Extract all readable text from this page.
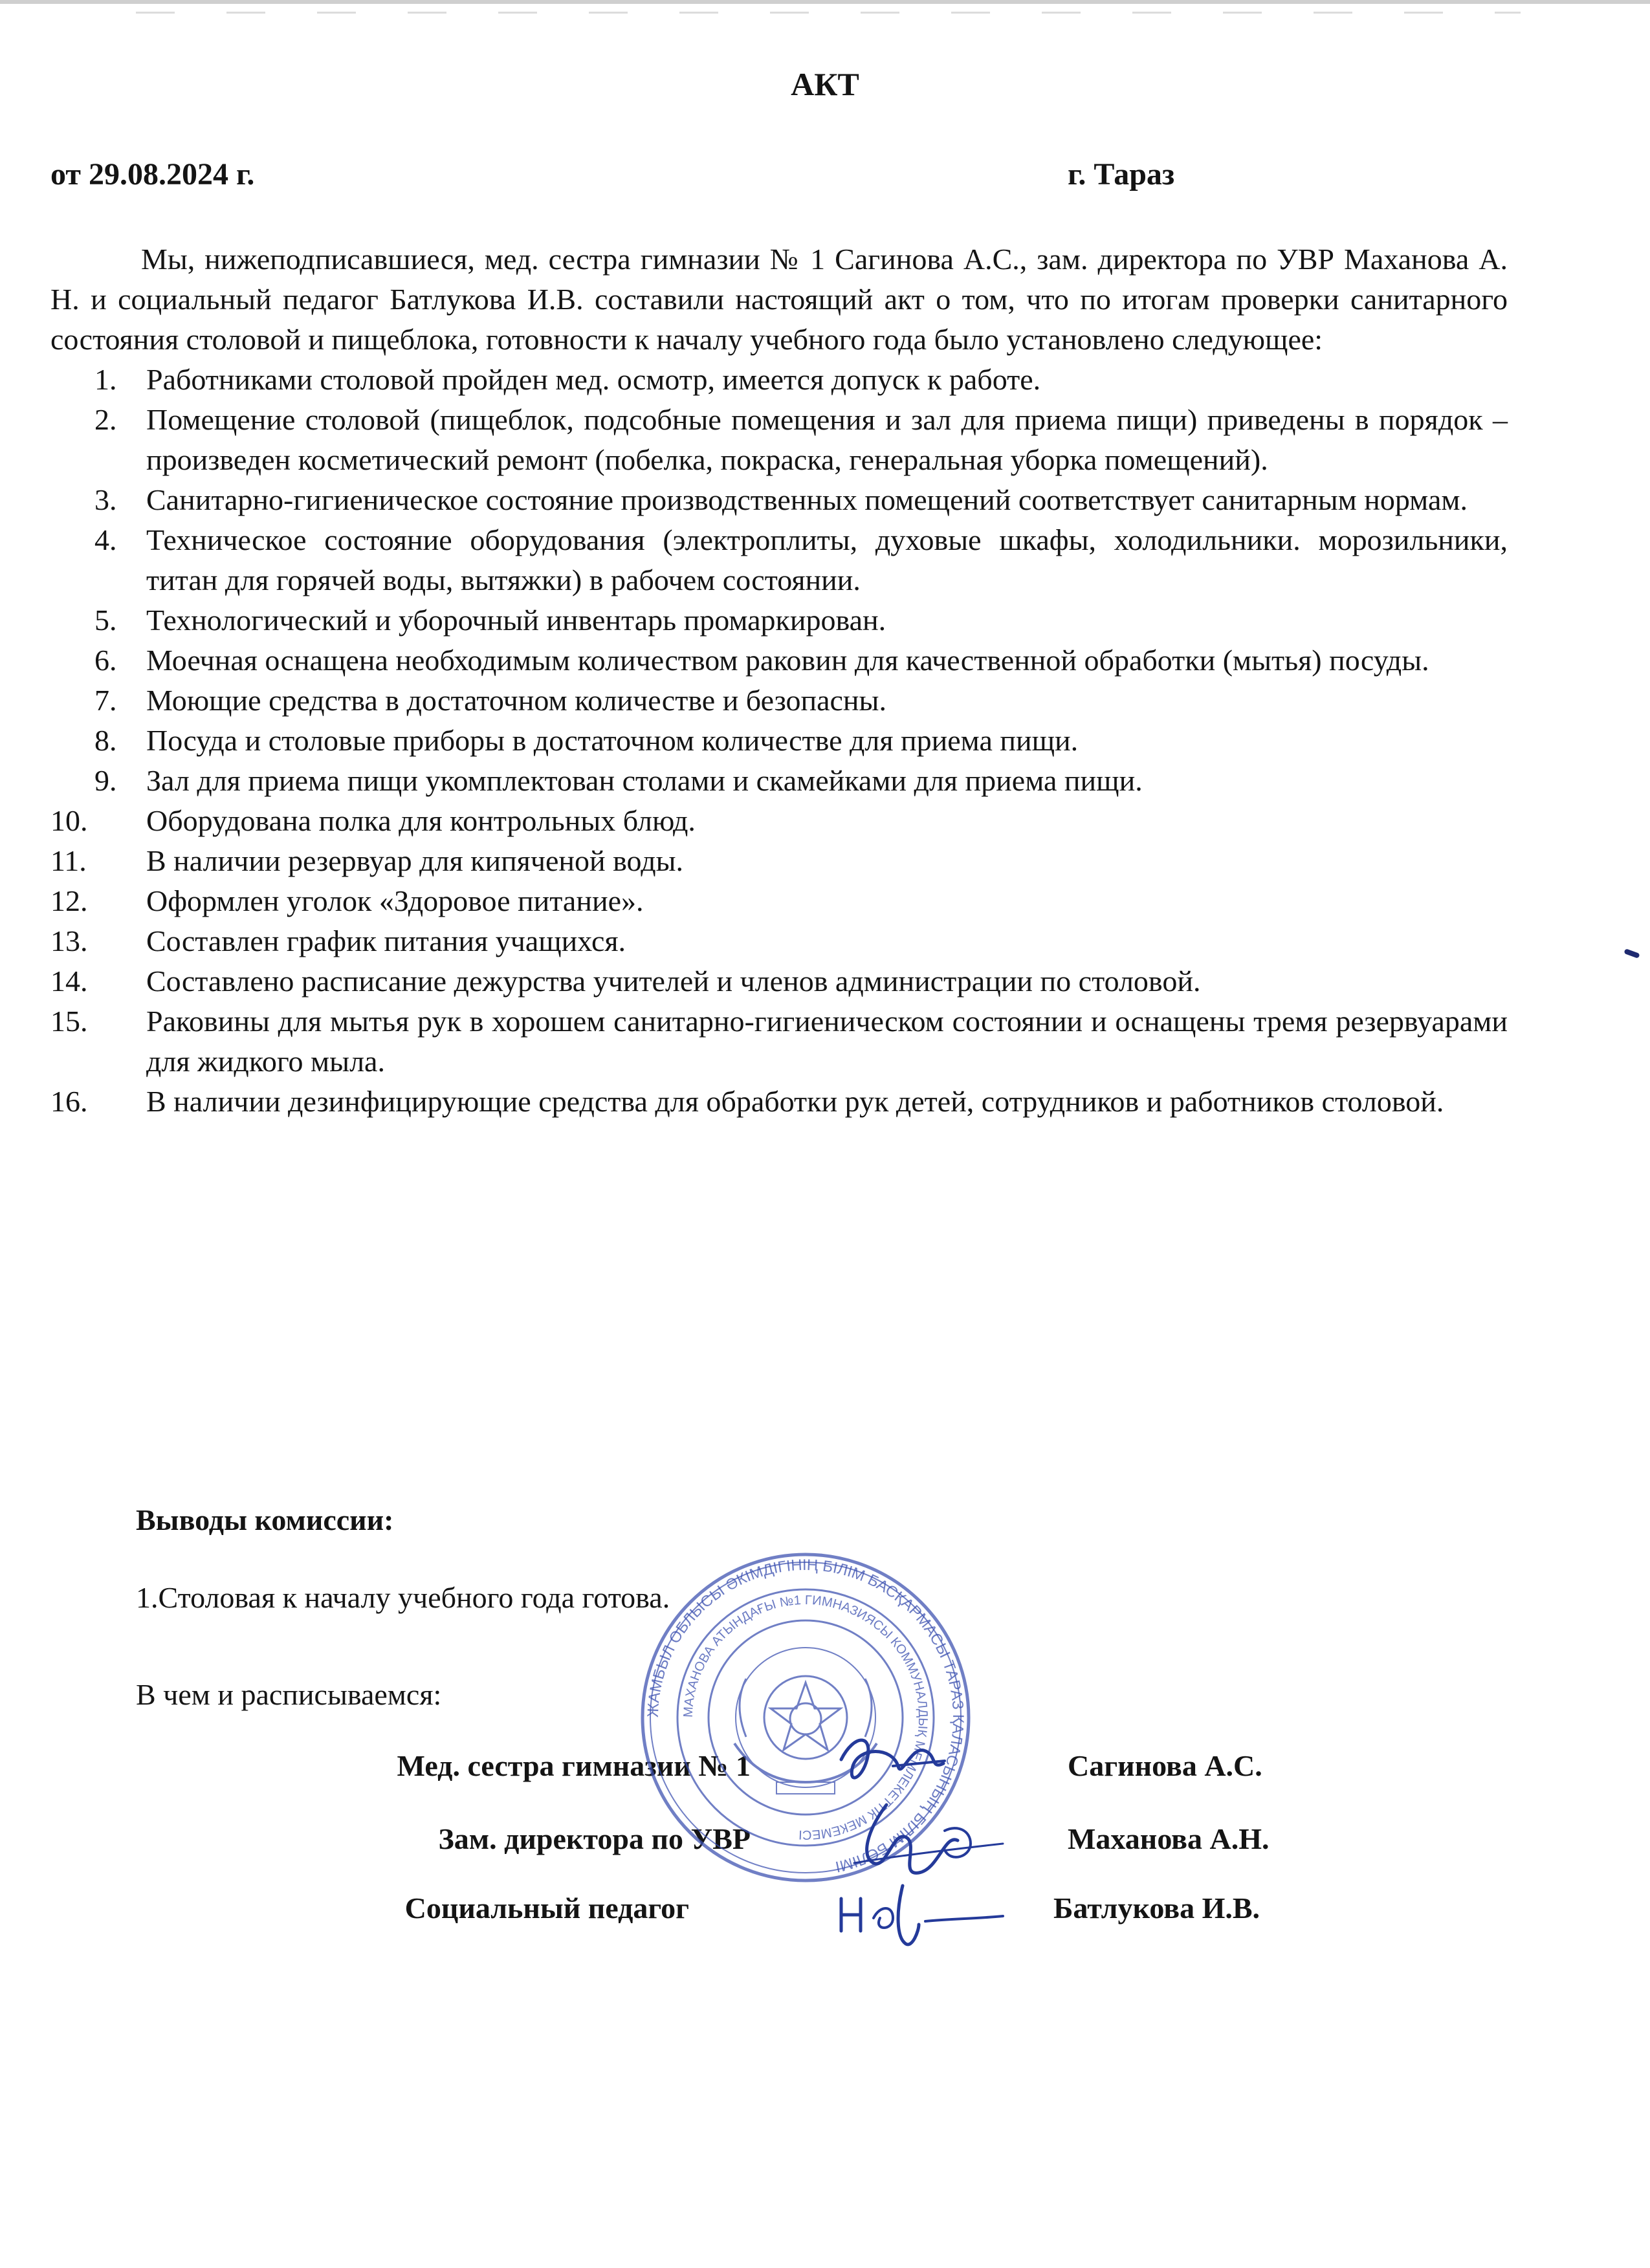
АКТ
от 29.08.2024 г.	г. Тараз

Мы, нижеподписавшиеся, мед. сестра гимназии № 1 Сагинова А.С., зам. директора по УВР Маханова А. Н. и социальный педагог Батлукова И.В. составили настоящий акт о том, что по итогам проверки санитарного состояния столовой и пищеблока, готовности к началу учебного года было установлено следующее:

1. Работниками столовой пройден мед. осмотр, имеется допуск к работе.
2. Помещение столовой (пищеблок, подсобные помещения и зал для приема пищи) приведены в порядок – произведен косметический ремонт (побелка, покраска, генеральная уборка помещений).
3. Санитарно-гигиеническое состояние производственных помещений соответствует санитарным нормам.
4. Техническое состояние оборудования (электроплиты, духовые шкафы, холодильники. морозильники, титан для горячей воды, вытяжки) в рабочем состоянии.
5. Технологический и уборочный инвентарь промаркирован.
6. Моечная оснащена необходимым количеством раковин для качественной обработки (мытья) посуды.
7. Моющие средства в достаточном количестве и безопасны.
8. Посуда и столовые приборы в достаточном количестве для приема пищи.
9. Зал для приема пищи укомплектован столами и скамейками для приема пищи.
10. Оборудована полка для контрольных блюд.
11. В наличии резервуар для кипяченой воды.
12. Оформлен уголок «Здоровое питание».
13. Составлен график питания учащихся.
14. Составлено расписание дежурства учителей и членов администрации по столовой.
15. Раковины для мытья рук в хорошем санитарно-гигиеническом состоянии и оснащены тремя резервуарами для жидкого мыла.
16. В наличии дезинфицирующие средства для обработки рук детей, сотрудников и работников столовой.
Выводы комиссии:
1.Столовая к началу учебного года готова.
В чем и расписываемся:
Мед. сестра гимназии № 1	Сагинова А.С.
Зам. директора по УВР	Маханова А.Н.
Социальный педагог	Батлукова И.В.
ЖАМБЫЛ ОБЛЫСЫ ӘКІМДІГІНІҢ БІЛІМ БАСҚАРМАСЫ ТАРАЗ ҚАЛАСЫНЫҢ БІЛІМ БӨЛІМІ
МАХАНОВА АТЫНДАҒЫ №1 ГИМНАЗИЯСЫ КОММУНАЛДЫҚ МЕМЛЕКЕТТІК МЕКЕМЕСІ
